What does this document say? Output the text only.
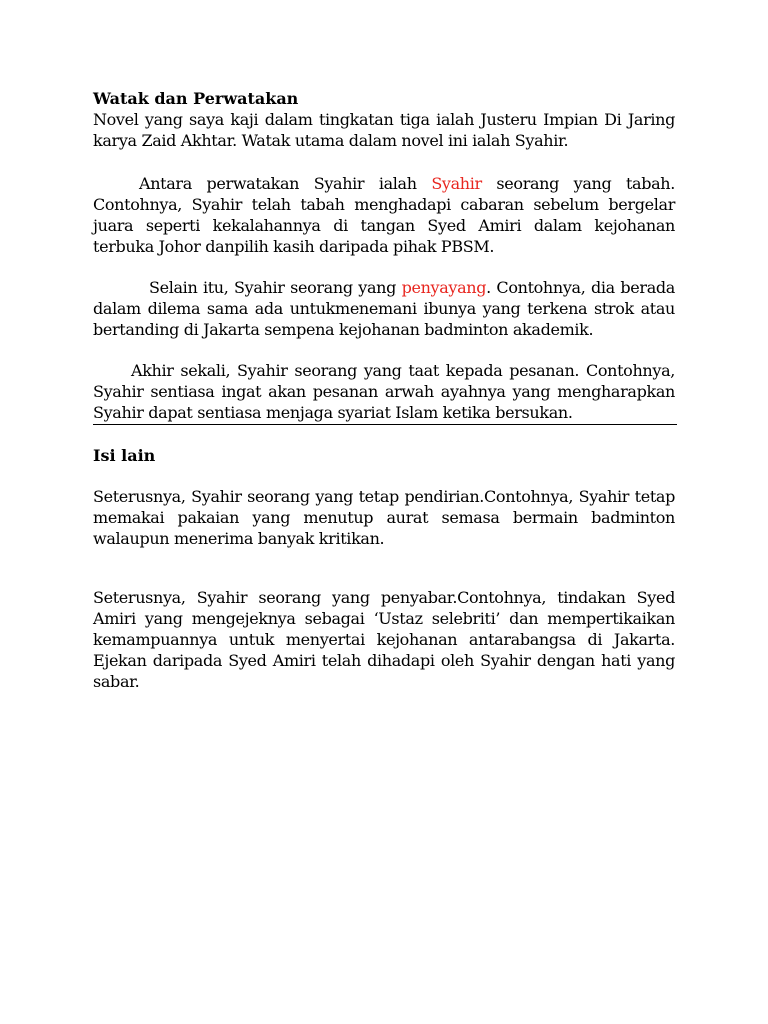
Watak dan Perwatakan

Novel yang saya kaji dalam tingkatan tiga ialah Justeru Impian Di Jaring karya Zaid Akhtar. Watak utama dalam novel ini ialah Syahir.

Antara perwatakan Syahir ialah Syahir seorang yang tabah. Contohnya, Syahir telah tabah menghadapi cabaran sebelum bergelar juara seperti kekalahannya di tangan Syed Amiri dalam kejohanan terbuka Johor danpilih kasih daripada pihak PBSM.

Selain itu, Syahir seorang yang penyayang. Contohnya, dia berada dalam dilema sama ada untukmenemani ibunya yang terkena strok atau bertanding di Jakarta sempena kejohanan badminton akademik.

Akhir sekali, Syahir seorang yang taat kepada pesanan. Contohnya, Syahir sentiasa ingat akan pesanan arwah ayahnya yang mengharapkan Syahir dapat sentiasa menjaga syariat Islam ketika bersukan.

Isi lain

Seterusnya, Syahir seorang yang tetap pendirian.Contohnya, Syahir tetap memakai pakaian yang menutup aurat semasa bermain badminton walaupun menerima banyak kritikan.

Seterusnya, Syahir seorang yang penyabar.Contohnya, tindakan Syed Amiri yang mengejeknya sebagai ‘Ustaz selebriti’ dan mempertikaikan kemampuannya untuk menyertai kejohanan antarabangsa di Jakarta. Ejekan daripada Syed Amiri telah dihadapi oleh Syahir dengan hati yang sabar.
